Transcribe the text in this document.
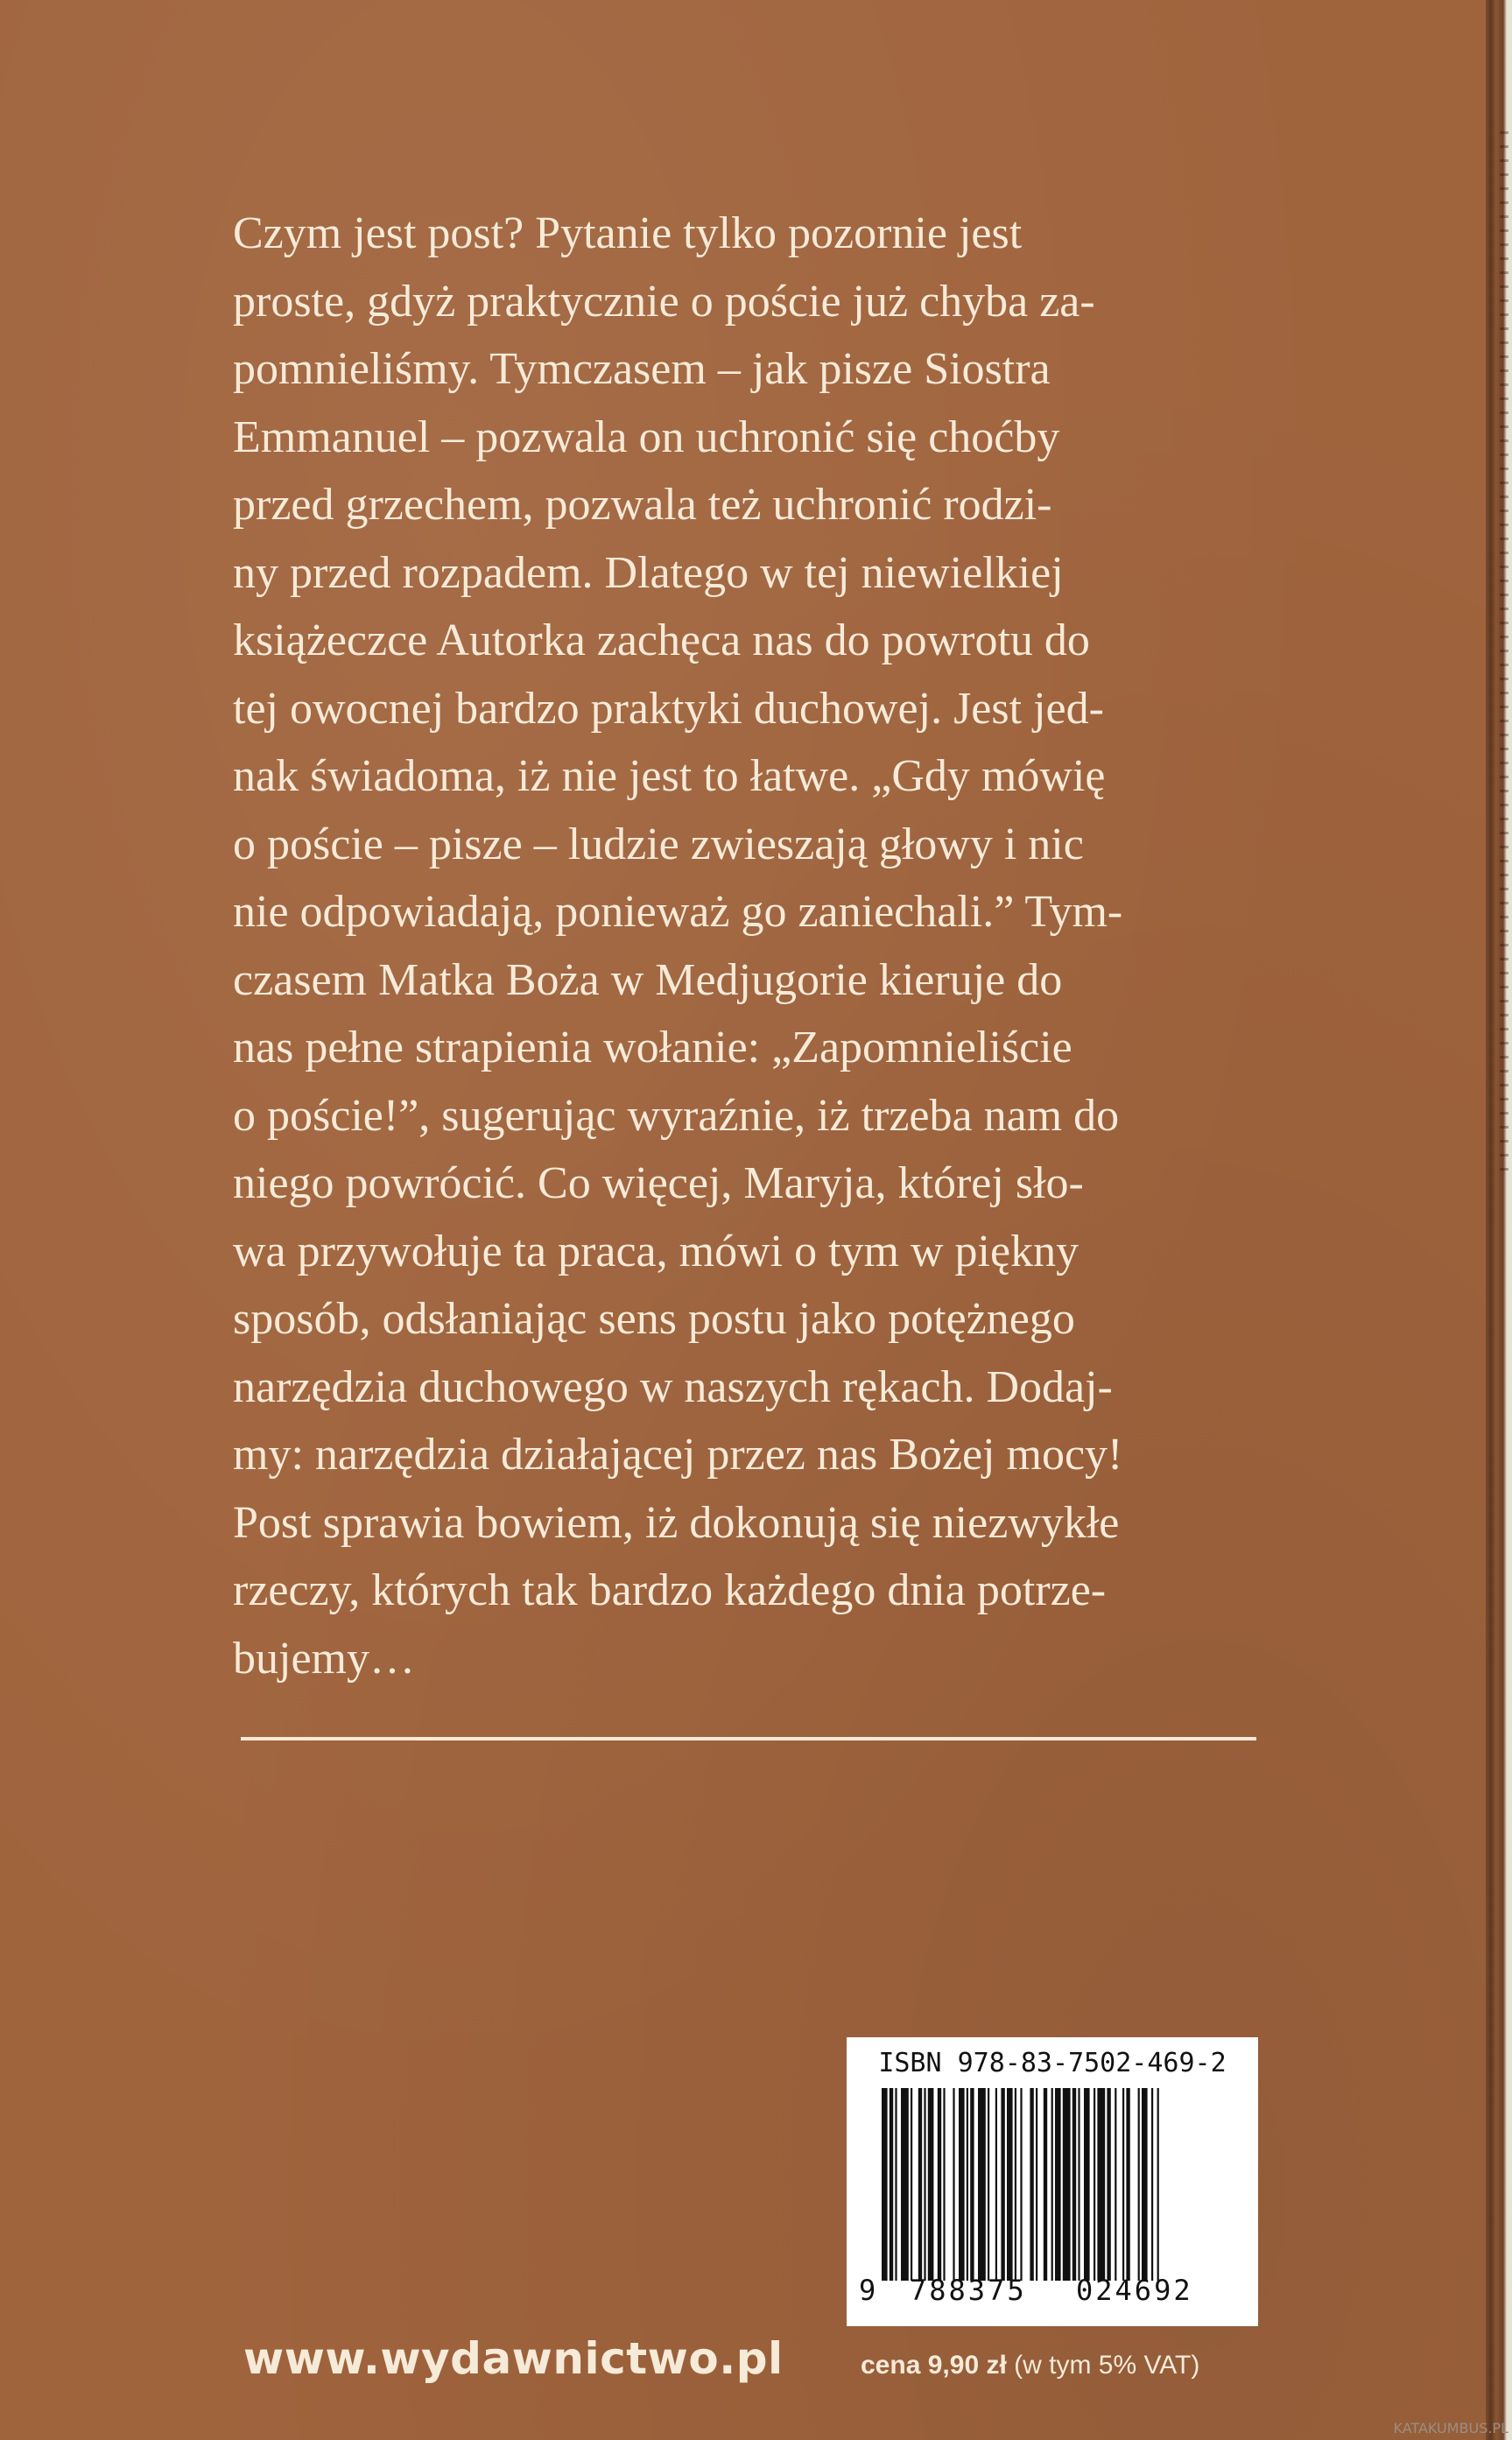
Czym jest post? Pytanie tylko pozornie jest

proste, gdyż praktycznie o poście już chyba za-

pomnieliśmy. Tymczasem – jak pisze Siostra

Emmanuel – pozwala on uchronić się choćby

przed grzechem, pozwala też uchronić rodzi-

ny przed rozpadem. Dlatego w tej niewielkiej

książeczce Autorka zachęca nas do powrotu do

tej owocnej bardzo praktyki duchowej. Jest jed-

nak świadoma, iż nie jest to łatwe. „Gdy mówię

o poście – pisze – ludzie zwieszają głowy i nic

nie odpowiadają, ponieważ go zaniechali.” Tym-

czasem Matka Boża w Medjugorie kieruje do

nas pełne strapienia wołanie: „Zapomnieliście

o poście!”, sugerując wyraźnie, iż trzeba nam do

niego powrócić. Co więcej, Maryja, której sło-

wa przywołuje ta praca, mówi o tym w piękny

sposób, odsłaniając sens postu jako potężnego

narzędzia duchowego w naszych rękach. Dodaj-

my: narzędzia działającej przez nas Bożej mocy!

Post sprawia bowiem, iż dokonują się niezwykłe

rzeczy, których tak bardzo każdego dnia potrze-

bujemy…

ISBN 978-83-7502-469-2
9 788375 024692
www.wydawnictwo.pl	cena 9,90 zł (w tym 5% VAT)
KATAKUMBUS.PL
